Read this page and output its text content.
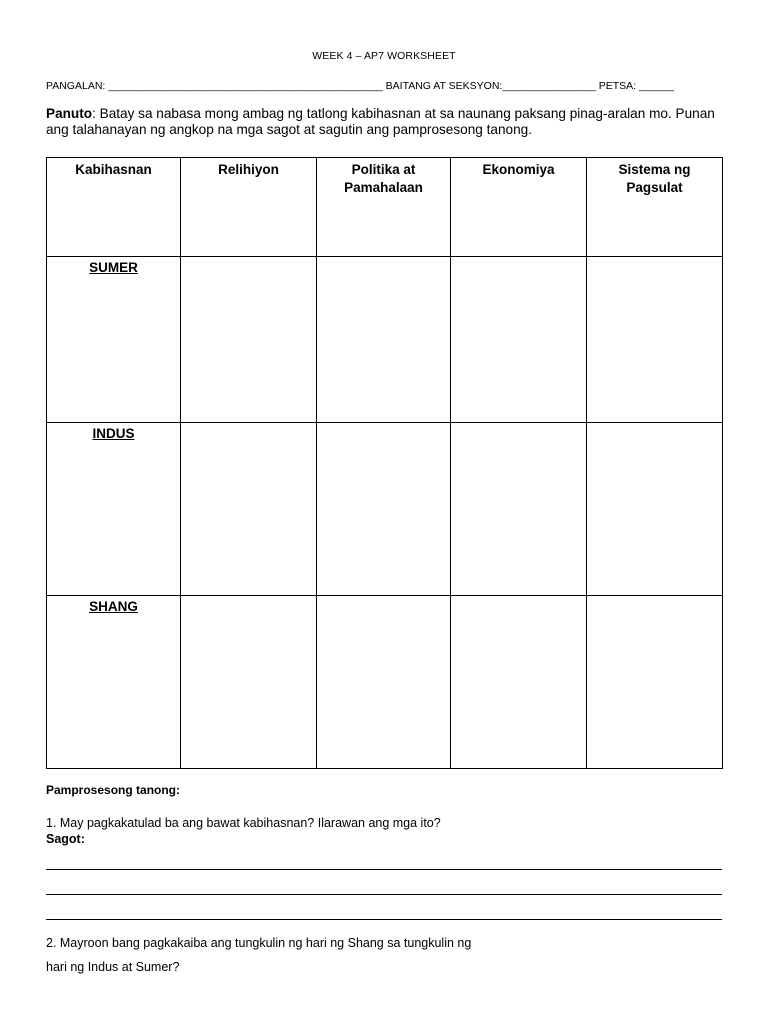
WEEK 4 – AP7 WORKSHEET
PANGALAN: _______________________________________________ BAITANG AT SEKSYON:________________ PETSA: ______
Panuto: Batay sa nabasa mong ambag ng tatlong kabihasnan at sa naunang paksang pinag-aralan mo. Punan ang talahanayan ng angkop na mga sagot at sagutin ang pamprosesong tanong.
Kabihasnan	Relihiyon	Politika at Pamahalaan	Ekonomiya	Sistema ng Pagsulat
SUMER				
INDUS				
SHANG				
Pamprosesong tanong:
1. May pagkakatulad ba ang bawat kabihasnan? Ilarawan ang mga ito?
Sagot:
2. Mayroon bang pagkakaiba ang tungkulin ng hari ng Shang sa tungkulin ng
hari ng Indus at Sumer?
